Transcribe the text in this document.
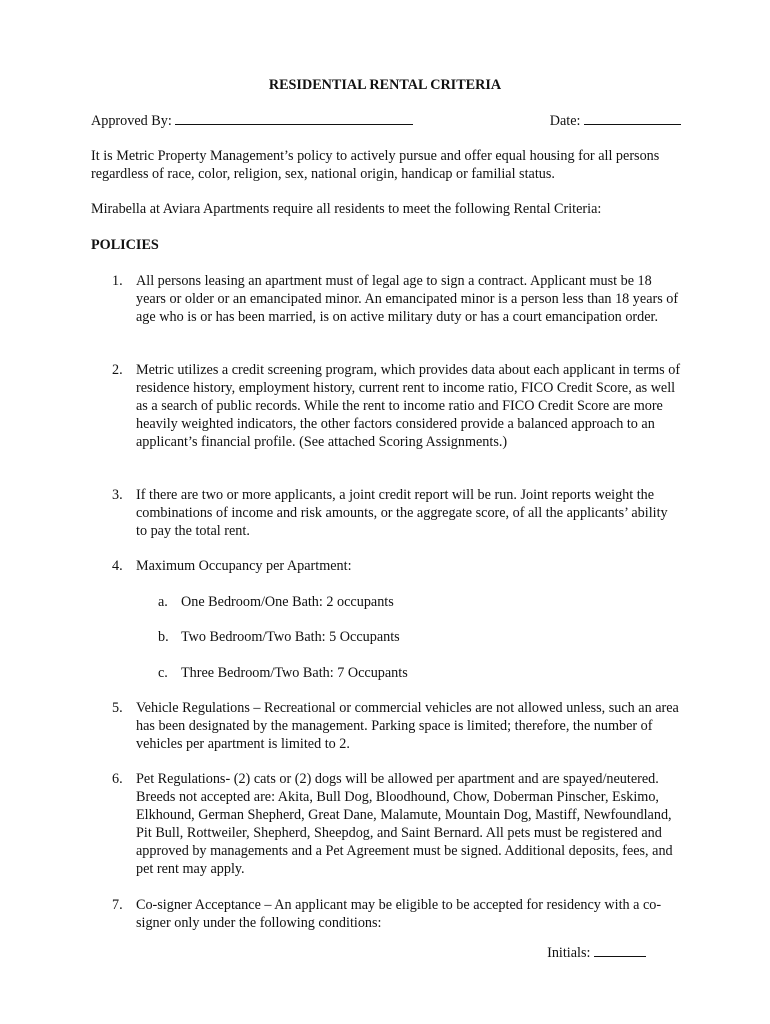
RESIDENTIAL RENTAL CRITERIA
Approved By:	Date:
It is Metric Property Management’s policy to actively pursue and offer equal housing for all persons regardless of race, color, religion, sex, national origin, handicap or familial status.
Mirabella at Aviara Apartments require all residents to meet the following Rental Criteria:
POLICIES
1. All persons leasing an apartment must of legal age to sign a contract. Applicant must be 18 years or older or an emancipated minor. An emancipated minor is a person less than 18 years of age who is or has been married, is on active military duty or has a court emancipation order.
2. Metric utilizes a credit screening program, which provides data about each applicant in terms of residence history, employment history, current rent to income ratio, FICO Credit Score, as well as a search of public records. While the rent to income ratio and FICO Credit Score are more heavily weighted indicators, the other factors considered provide a balanced approach to an applicant’s financial profile. (See attached Scoring Assignments.)
3. If there are two or more applicants, a joint credit report will be run. Joint reports weight the combinations of income and risk amounts, or the aggregate score, of all the applicants’ ability to pay the total rent.
4. Maximum Occupancy per Apartment:
a. One Bedroom/One Bath: 2 occupants
b. Two Bedroom/Two Bath: 5 Occupants
c. Three Bedroom/Two Bath: 7 Occupants
5. Vehicle Regulations – Recreational or commercial vehicles are not allowed unless, such an area has been designated by the management. Parking space is limited; therefore, the number of vehicles per apartment is limited to 2.
6. Pet Regulations- (2) cats or (2) dogs will be allowed per apartment and are spayed/neutered. Breeds not accepted are: Akita, Bull Dog, Bloodhound, Chow, Doberman Pinscher, Eskimo, Elkhound, German Shepherd, Great Dane, Malamute, Mountain Dog, Mastiff, Newfoundland, Pit Bull, Rottweiler, Shepherd, Sheepdog, and Saint Bernard. All pets must be registered and approved by managements and a Pet Agreement must be signed. Additional deposits, fees, and pet rent may apply.
7. Co-signer Acceptance – An applicant may be eligible to be accepted for residency with a co-signer only under the following conditions:
Initials:
